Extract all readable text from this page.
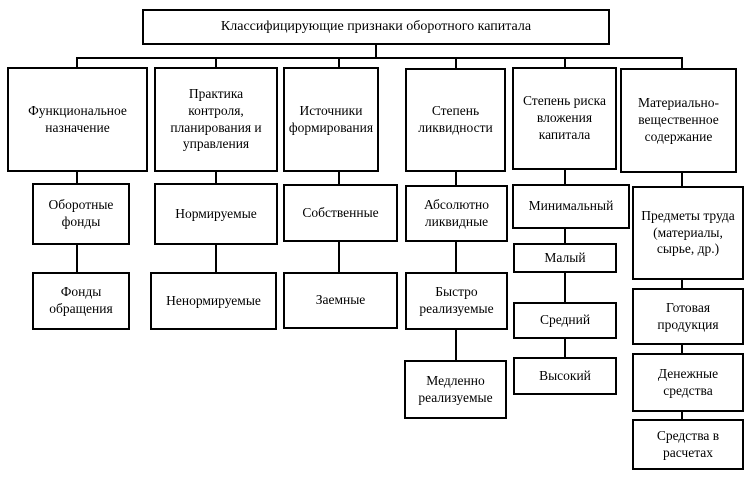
Классифицирующие признаки оборотного капитала
Функциональное назначение
Практика контроля, планирования и управления
Источники формирования
Степень ликвидности
Степень риска вложения капитала
Материально-вещественное содержание
Оборотные фонды
Фонды обращения
Нормируемые
Ненормируемые
Собственные
Заемные
Абсолютно ликвидные
Быстро реализуемые
Медленно реализуемые
Минимальный
Малый
Средний
Высокий
Предметы труда (материалы, сырье, др.)
Готовая продукция
Денежные средства
Средства в расчетах
